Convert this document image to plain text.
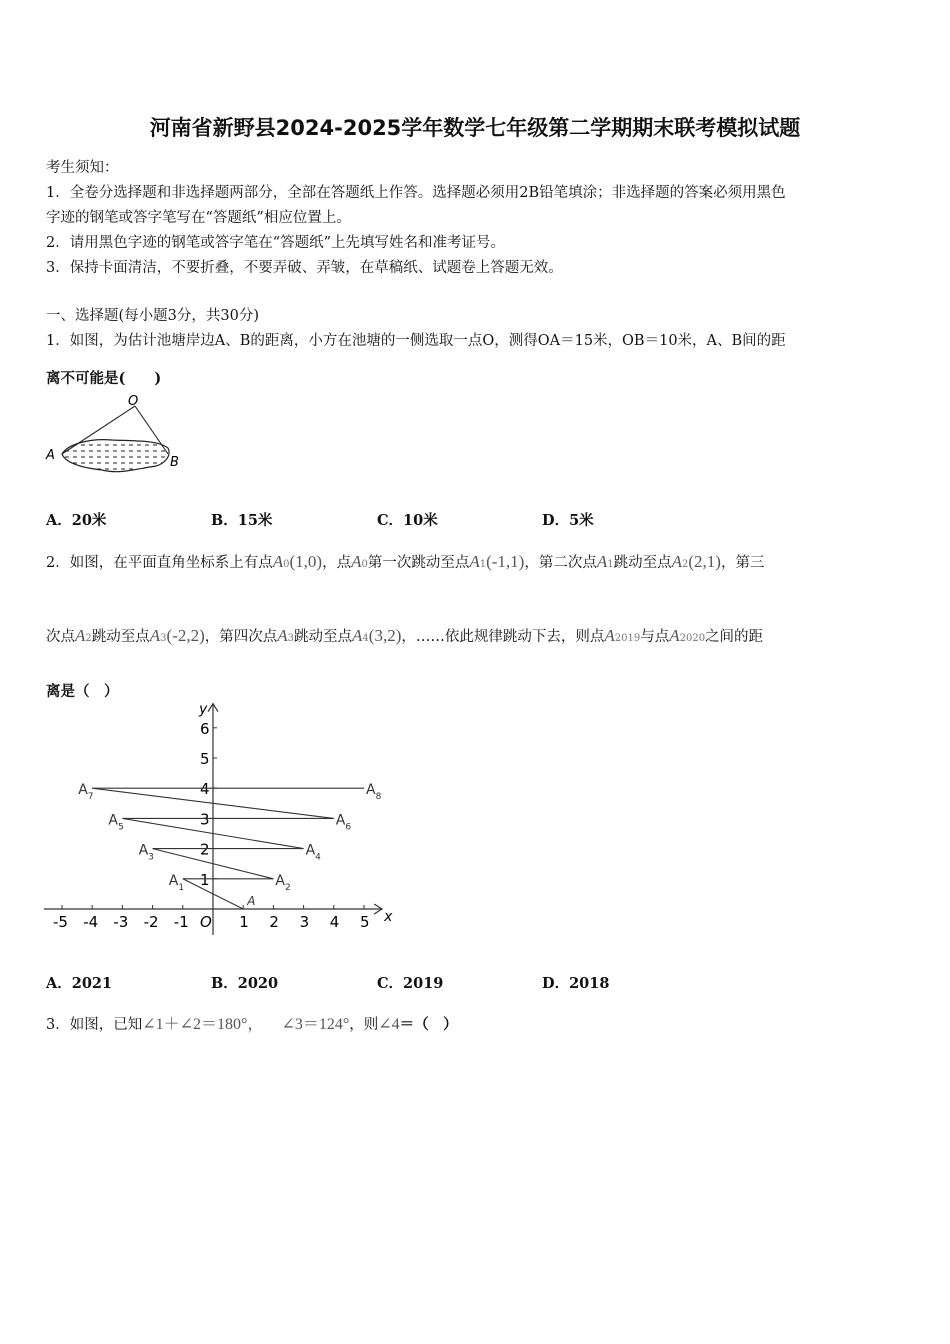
河南省新野县2024-2025学年数学七年级第二学期期末联考模拟试题
考生须知：
1．全卷分选择题和非选择题两部分，全部在答题纸上作答。选择题必须用2B铅笔填涂；非选择题的答案必须用黑色
字迹的钢笔或答字笔写在“答题纸”相应位置上。
2．请用黑色字迹的钢笔或答字笔在“答题纸”上先填写姓名和准考证号。
3．保持卡面清洁，不要折叠，不要弄破、弄皱，在草稿纸、试题卷上答题无效。
一、选择题(每小题3分，共30分)
1．如图，为估计池塘岸边A、B的距离，小方在池塘的一侧选取一点O，测得OA＝15米，OB＝10米，A、B间的距
离不可能是(　　)
O
A	B
A．20米	B．15米	C．10米	D．5米
2．如图，在平面直角坐标系上有点A0(1,0)，点A0第一次跳动至点A1(-1,1)，第二次点A1跳动至点A2(2,1)，第三
次点A2跳动至点A3(-2,2)，第四次点A3跳动至点A4(3,2)，……依此规律跳动下去，则点A2019与点A2020之间的距
离是（　）
x
y
-5 -4 -3 -2 -1 O 1 2 3 4 5
1
2
3
4
5
6
A
$A_1$	$A_2$
$A_3$	$A_4$
$A_5$	$A_6$
$A_7$	$A_8$
A．2021	B．2020	C．2019	D．2018
3．如图，已知∠1＋∠2＝180°， ∠3＝124°，则∠4＝（　）
